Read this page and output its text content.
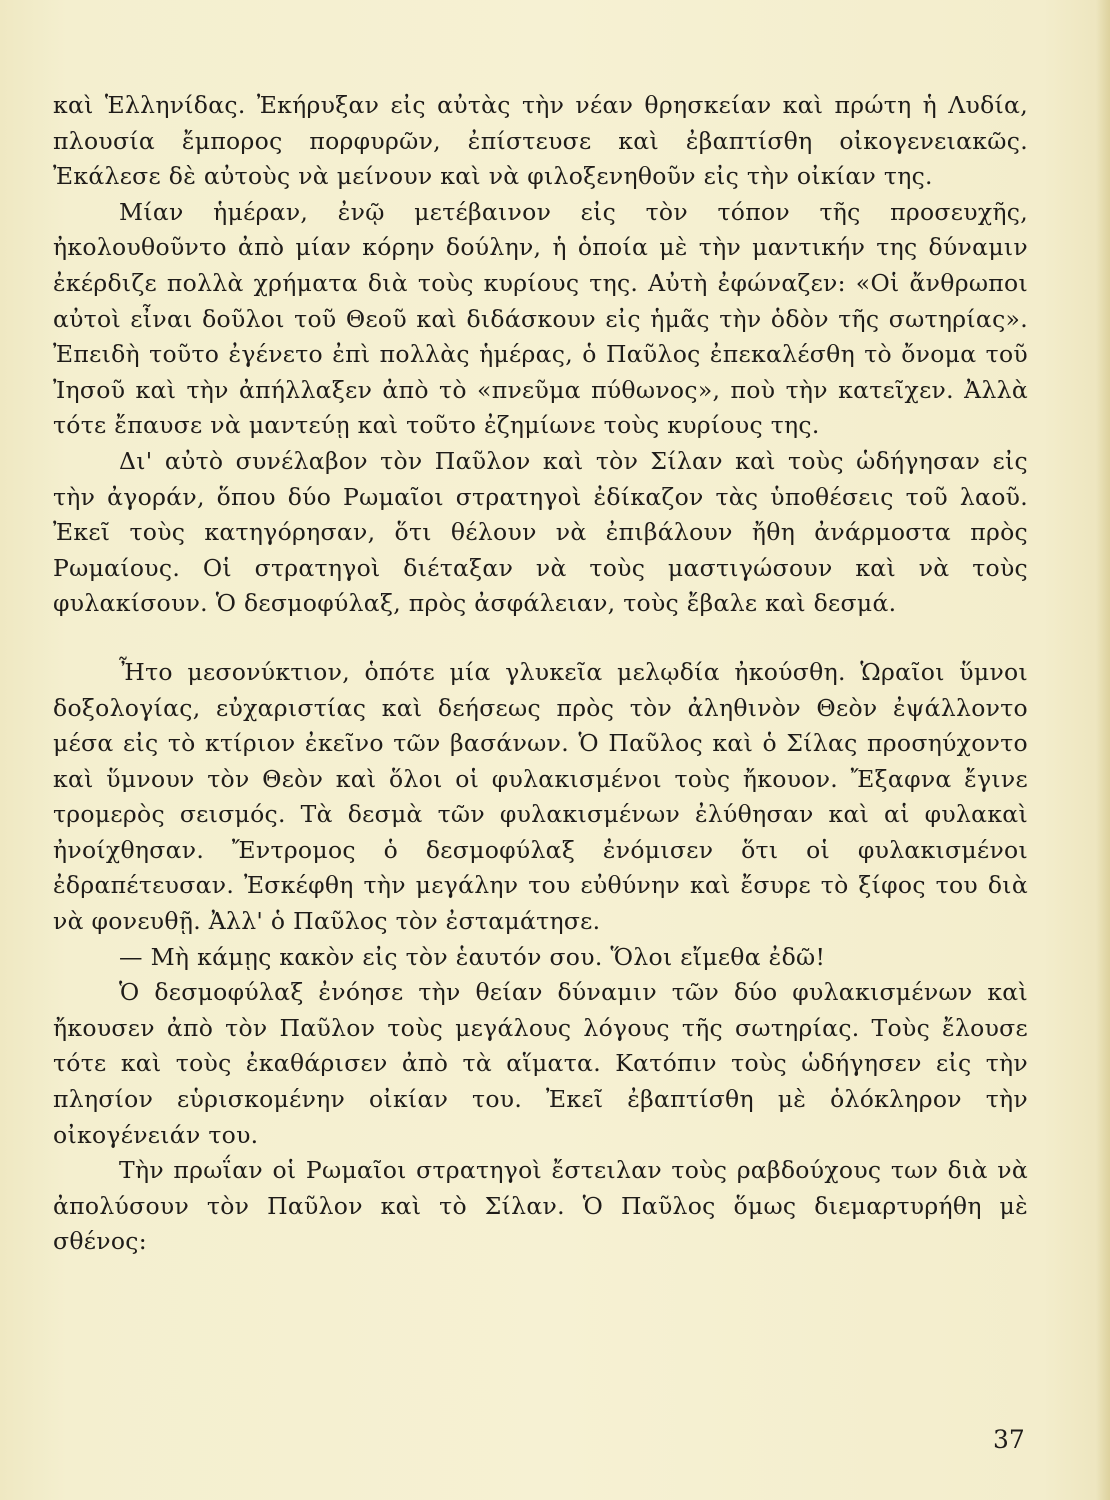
καὶ Ἑλληνίδας. Ἐκήρυξαν εἰς αὐτὰς τὴν νέαν θρησκείαν καὶ πρώτη ἡ Λυδία, πλουσία ἔμπορος πορφυρῶν, ἐπίστευσε καὶ ἐβαπτίσθη οἰκογενειακῶς. Ἐκάλεσε δὲ αὐτοὺς νὰ μείνουν καὶ νὰ φιλοξενηθοῦν εἰς τὴν οἰκίαν της.

Μίαν ἡμέραν, ἐνῷ μετέβαινον εἰς τὸν τόπον τῆς προσευχῆς, ἠκολουθοῦντο ἀπὸ μίαν κόρην δούλην, ἡ ὁποία μὲ τὴν μαντικήν της δύναμιν ἐκέρδιζε πολλὰ χρήματα διὰ τοὺς κυρίους της. Αὐτὴ ἐφώναζεν: «Οἱ ἄνθρωποι αὐτοὶ εἶναι δοῦλοι τοῦ Θεοῦ καὶ διδάσκουν εἰς ἡμᾶς τὴν ὁδὸν τῆς σωτηρίας». Ἐπειδὴ τοῦτο ἐγένετο ἐπὶ πολλὰς ἡμέρας, ὁ Παῦλος ἐπεκαλέσθη τὸ ὄνομα τοῦ Ἰησοῦ καὶ τὴν ἀπήλλαξεν ἀπὸ τὸ «πνεῦμα πύθωνος», ποὺ τὴν κατεῖχεν. Ἀλλὰ τότε ἔπαυσε νὰ μαντεύῃ καὶ τοῦτο ἐζημίωνε τοὺς κυρίους της.

Δι' αὐτὸ συνέλαβον τὸν Παῦλον καὶ τὸν Σίλαν καὶ τοὺς ὡδήγησαν εἰς τὴν ἀγοράν, ὅπου δύο Ρωμαῖοι στρατηγοὶ ἐδίκαζον τὰς ὑποθέσεις τοῦ λαοῦ. Ἐκεῖ τοὺς κατηγόρησαν, ὅτι θέλουν νὰ ἐπιβάλουν ἤθη ἀνάρμοστα πρὸς Ρωμαίους. Οἱ στρατηγοὶ διέταξαν νὰ τοὺς μαστιγώσουν καὶ νὰ τοὺς φυλακίσουν. Ὁ δεσμοφύλαξ, πρὸς ἀσφάλειαν, τοὺς ἔβαλε καὶ δεσμά.

Ἦτο μεσονύκτιον, ὁπότε μία γλυκεῖα μελῳδία ἠκούσθη. Ὡραῖοι ὕμνοι δοξολογίας, εὐχαριστίας καὶ δεήσεως πρὸς τὸν ἀληθινὸν Θεὸν ἐψάλλοντο μέσα εἰς τὸ κτίριον ἐκεῖνο τῶν βασάνων. Ὁ Παῦλος καὶ ὁ Σίλας προσηύχοντο καὶ ὕμνουν τὸν Θεὸν καὶ ὅλοι οἱ φυλακισμένοι τοὺς ἤκουον. Ἔξαφνα ἔγινε τρομερὸς σεισμός. Τὰ δεσμὰ τῶν φυλακισμένων ἐλύθησαν καὶ αἱ φυλακαὶ ἠνοίχθησαν. Ἔντρομος ὁ δεσμοφύλαξ ἐνόμισεν ὅτι οἱ φυλακισμένοι ἐδραπέτευσαν. Ἐσκέφθη τὴν μεγάλην του εὐθύνην καὶ ἔσυρε τὸ ξίφος του διὰ νὰ φονευθῇ. Ἀλλ' ὁ Παῦλος τὸν ἐσταμάτησε.

— Μὴ κάμῃς κακὸν εἰς τὸν ἑαυτόν σου. Ὅλοι εἴμεθα ἐδῶ!

Ὁ δεσμοφύλαξ ἐνόησε τὴν θείαν δύναμιν τῶν δύο φυλακισμένων καὶ ἤκουσεν ἀπὸ τὸν Παῦλον τοὺς μεγάλους λόγους τῆς σωτηρίας. Τοὺς ἔλουσε τότε καὶ τοὺς ἐκαθάρισεν ἀπὸ τὰ αἵματα. Κατόπιν τοὺς ὡδήγησεν εἰς τὴν πλησίον εὑρισκομένην οἰκίαν του. Ἐκεῖ ἐβαπτίσθη μὲ ὁλόκληρον τὴν οἰκογένειάν του.

Τὴν πρωΐαν οἱ Ρωμαῖοι στρατηγοὶ ἔστειλαν τοὺς ραβδούχους των διὰ νὰ ἀπολύσουν τὸν Παῦλον καὶ τὸ Σίλαν. Ὁ Παῦλος ὅμως διεμαρτυρήθη μὲ σθένος:

37
